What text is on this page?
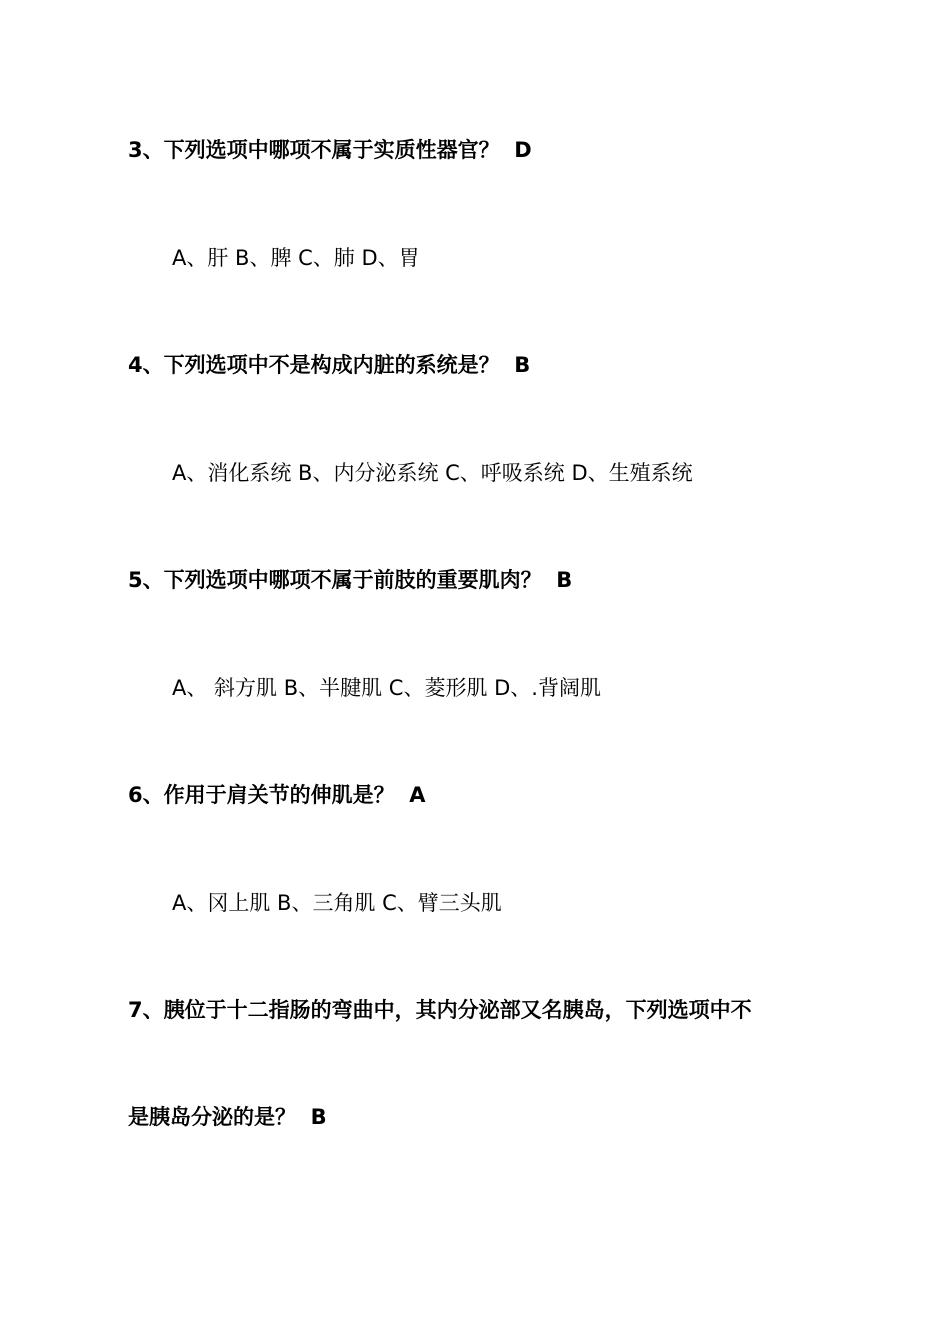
3、下列选项中哪项不属于实质性器官？  D
A、肝 B、脾 C、肺 D、胃
4、下列选项中不是构成内脏的系统是？  B
A、消化系统 B、内分泌系统 C、呼吸系统 D、生殖系统
5、下列选项中哪项不属于前肢的重要肌肉？  B
A、 斜方肌 B、半腱肌 C、菱形肌 D、.背阔肌
6、作用于肩关节的伸肌是？  A
A、冈上肌 B、三角肌 C、臂三头肌
7、胰位于十二指肠的弯曲中，其内分泌部又名胰岛，下列选项中不
是胰岛分泌的是？  B
